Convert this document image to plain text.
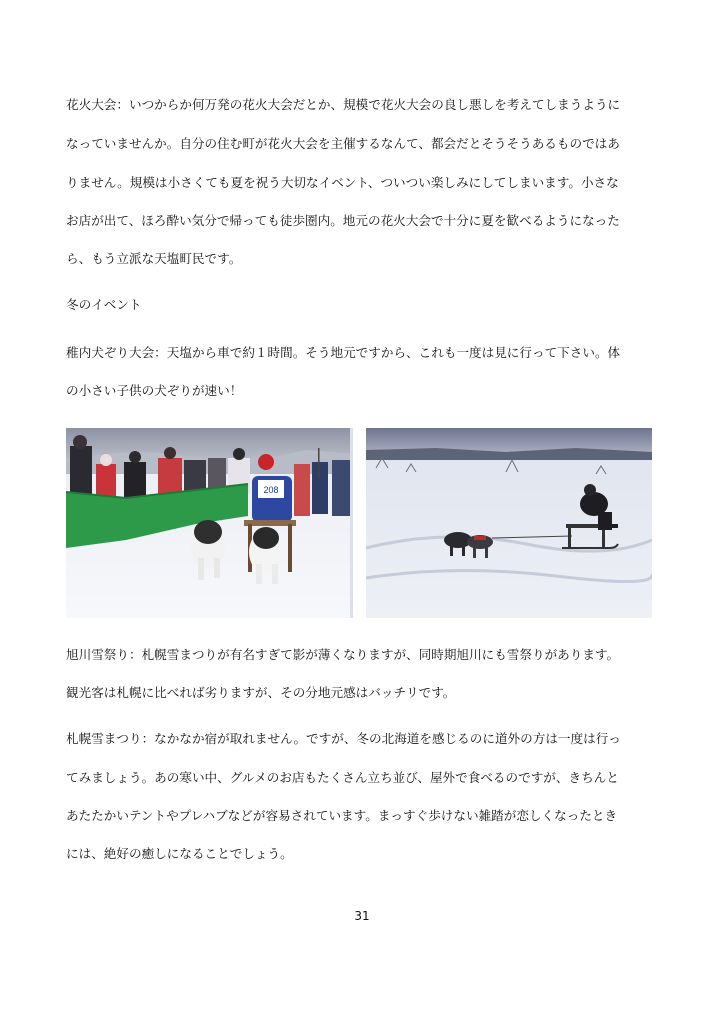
花火大会：いつからか何万発の花火大会だとか、規模で花火大会の良し悪しを考えてしまうように
なっていませんか。自分の住む町が花火大会を主催するなんて、都会だとそうそうあるものではあ
りません。規模は小さくても夏を祝う大切なイベント、ついつい楽しみにしてしまいます。小さな
お店が出て、ほろ酔い気分で帰っても徒歩圏内。地元の花火大会で十分に夏を歓べるようになった
ら、もう立派な天塩町民です。
冬のイベント
稚内犬ぞり大会：天塩から車で約１時間。そう地元ですから、これも一度は見に行って下さい。体
の小さい子供の犬ぞりが速い！
208
旭川雪祭り：札幌雪まつりが有名すぎて影が薄くなりますが、同時期旭川にも雪祭りがあります。
観光客は札幌に比べれば劣りますが、その分地元感はバッチリです。
札幌雪まつり：なかなか宿が取れません。ですが、冬の北海道を感じるのに道外の方は一度は行っ
てみましょう。あの寒い中、グルメのお店もたくさん立ち並び、屋外で食べるのですが、きちんと
あたたかいテントやプレハブなどが容易されています。まっすぐ歩けない雑踏が恋しくなったとき
には、絶好の癒しになることでしょう。
31
